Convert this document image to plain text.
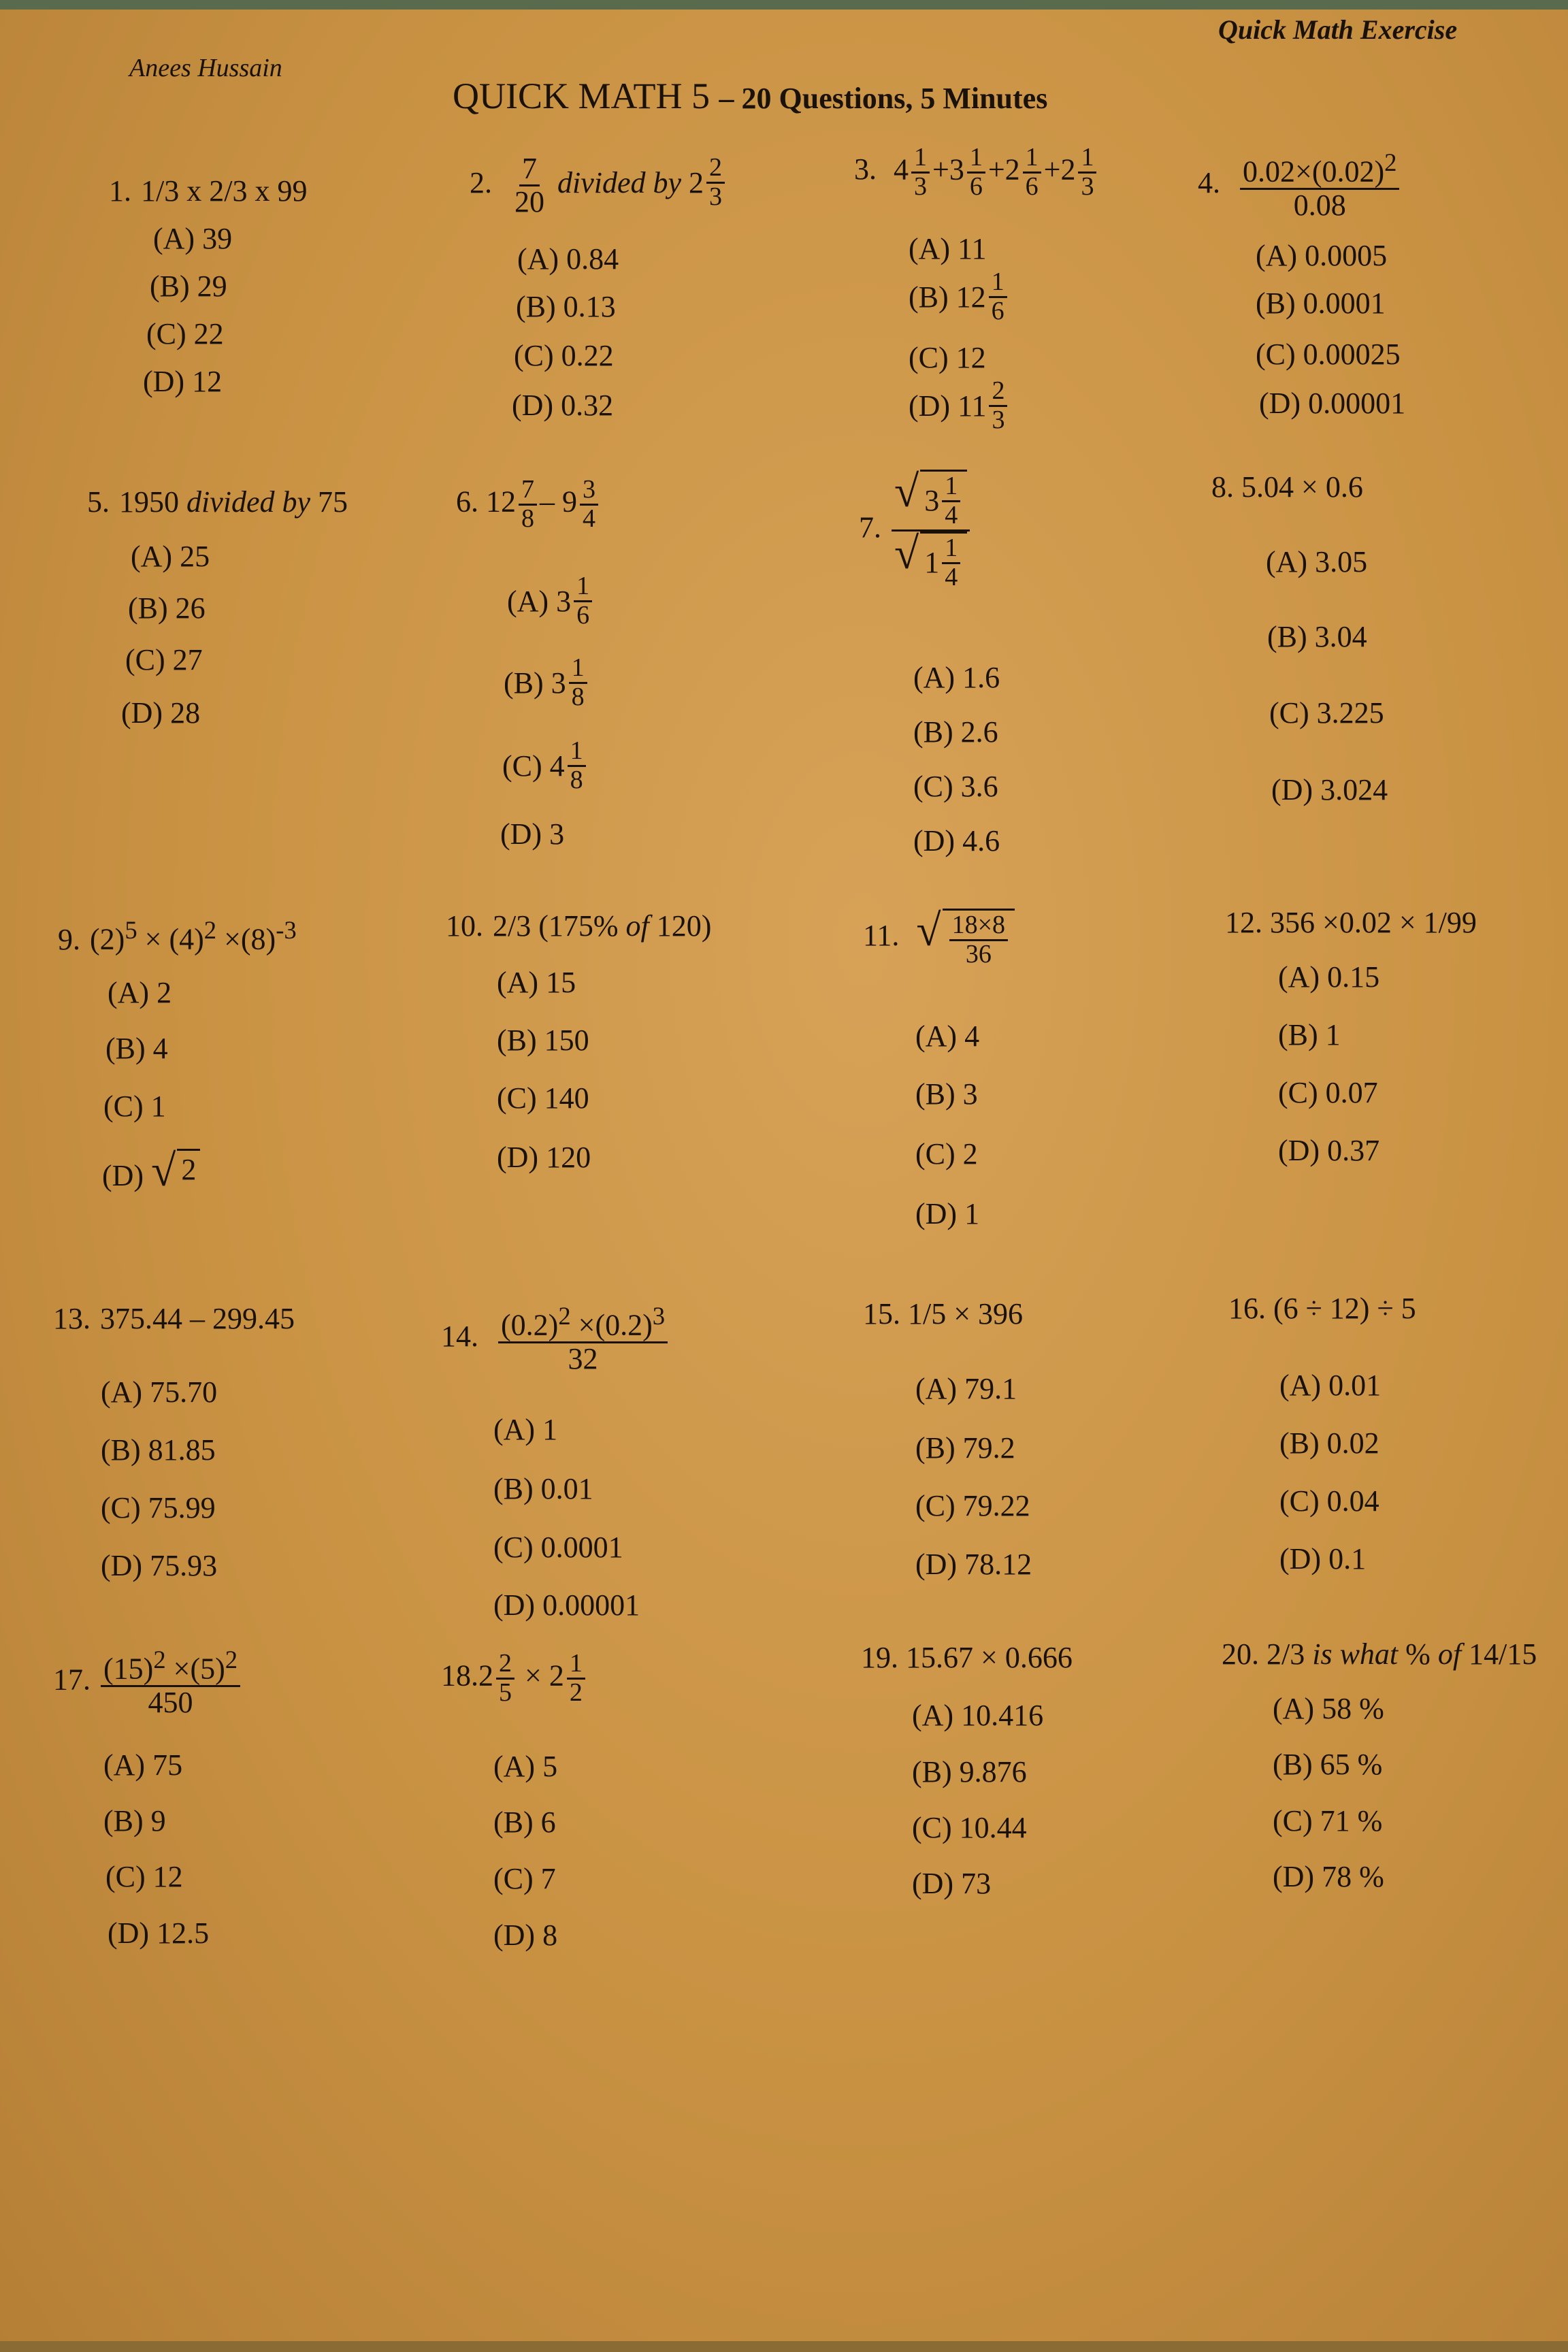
Quick Math Exercise
Anees Hussain
QUICK MATH 5 – 20 Questions, 5 Minutes
1. 1/3 x 2/3 x 99
(A) 39
(B) 29
(C) 22
(D) 12
2. $\frac{7}{20}$ divided by $2 \frac{2}{3}$
(A) 0.84
(B) 0.13
(C) 0.22
(D) 0.32
3. $4 \frac{1}{3} +3 \frac{1}{6} +2 \frac{1}{6} +2 \frac{1}{3}$
(A) 11
(B) $12 \frac{1}{6}$
(C) 12
(D) $11 \frac{2}{3}$
4. $\frac{0.02\times(0.02)^2}{0.08}$
(A) 0.0005
(B) 0.0001
(C) 0.00025
(D) 0.00001
5. 1950 divided by 75
(A) 25
(B) 26
(C) 27
(D) 28
6. $12 \frac{7}{8} - 9 \frac{3}{4}$
(A) $3 \frac{1}{6}$
(B) $3 \frac{1}{8}$
(C) $4 \frac{1}{8}$
(D) 3
7. $\frac{√ 3 \frac{1}{4}}{√ 1 \frac{1}{4}}$
(A) 1.6
(B) 2.6
(C) 3.6
(D) 4.6
8. 5.04 × 0.6
(A) 3.05
(B) 3.04
(C) 3.225
(D) 3.024
9. $(2)^5 \times (4)^2 \times(8)^{-3}$
(A) 2
(B) 4
(C) 1
(D) √ 2
10. 2/3 (175% of 120)
(A) 15
(B) 150
(C) 140
(D) 120
11. √ $\frac{18\times 8}{36}$
(A) 4
(B) 3
(C) 2
(D) 1
12. 356 ×0.02 × 1/99
(A) 0.15
(B) 1
(C) 0.07
(D) 0.37
13. 375.44 – 299.45
(A) 75.70
(B) 81.85
(C) 75.99
(D) 75.93
14. $\frac{(0.2)^2 \times(0.2)^3}{32}$
(A) 1
(B) 0.01
(C) 0.0001
(D) 0.00001
15. 1/5 × 396
(A) 79.1
(B) 79.2
(C) 79.22
(D) 78.12
16. (6 ÷ 12) ÷ 5
(A) 0.01
(B) 0.02
(C) 0.04
(D) 0.1
17. $\frac{(15)^2 \times(5)^2}{450}$
(A) 75
(B) 9
(C) 12
(D) 12.5
$18.2 \frac{2}{5} \times 2 \frac{1}{2}$
(A) 5
(B) 6
(C) 7
(D) 8
19. 15.67 × 0.666
(A) 10.416
(B) 9.876
(C) 10.44
(D) 73
20. 2/3 is what % of 14/15
(A) 58 %
(B) 65 %
(C) 71 %
(D) 78 %
